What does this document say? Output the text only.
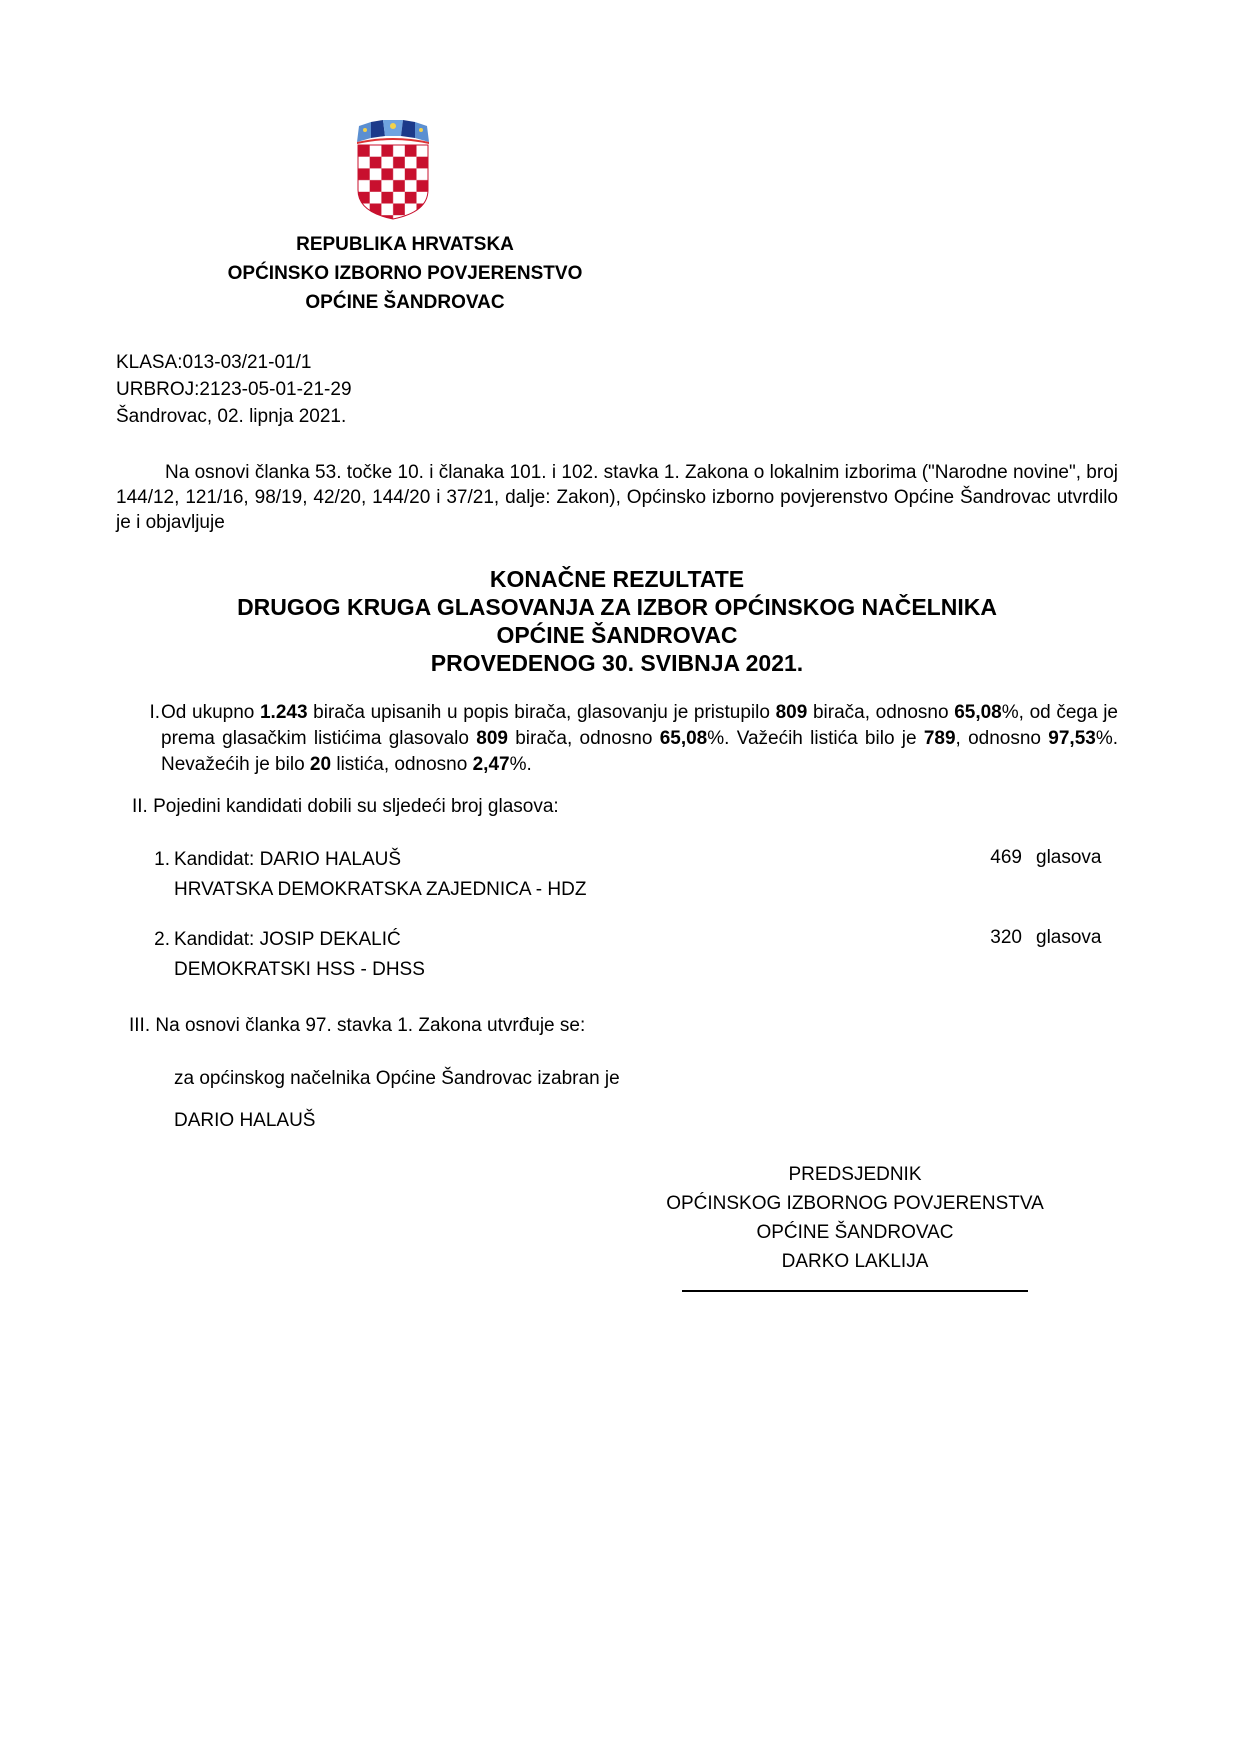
REPUBLIKA HRVATSKA
OPĆINSKO IZBORNO POVJERENSTVO
OPĆINE ŠANDROVAC
KLASA:013-03/21-01/1
URBROJ:2123-05-01-21-29
Šandrovac, 02. lipnja 2021.
Na osnovi članka 53. točke 10. i članaka 101. i 102. stavka 1. Zakona o lokalnim izborima ("Narodne novine", broj 144/12, 121/16, 98/19, 42/20, 144/20 i 37/21, dalje: Zakon), Općinsko izborno povjerenstvo Općine Šandrovac utvrdilo je i objavljuje
KONAČNE REZULTATE
DRUGOG KRUGA GLASOVANJA ZA IZBOR OPĆINSKOG NAČELNIKA
OPĆINE ŠANDROVAC
PROVEDENOG 30. SVIBNJA 2021.
I. Od ukupno 1.243 birača upisanih u popis birača, glasovanju je pristupilo 809 birača, odnosno 65,08%, od čega je prema glasačkim listićima glasovalo 809 birača, odnosno 65,08%. Važećih listića bilo je 789, odnosno 97,53%. Nevažećih je bilo 20 listića, odnosno 2,47%.
II. Pojedini kandidati dobili su sljedeći broj glasova:
1. Kandidat: DARIO HALAUŠ
HRVATSKA DEMOKRATSKA ZAJEDNICA - HDZ
469 glasova
2. Kandidat: JOSIP DEKALIĆ
DEMOKRATSKI HSS - DHSS
320 glasova
III. Na osnovi članka 97. stavka 1. Zakona utvrđuje se:
za općinskog načelnika Općine Šandrovac izabran je
DARIO HALAUŠ
PREDSJEDNIK
OPĆINSKOG IZBORNOG POVJERENSTVA
OPĆINE ŠANDROVAC
DARKO LAKLIJA
